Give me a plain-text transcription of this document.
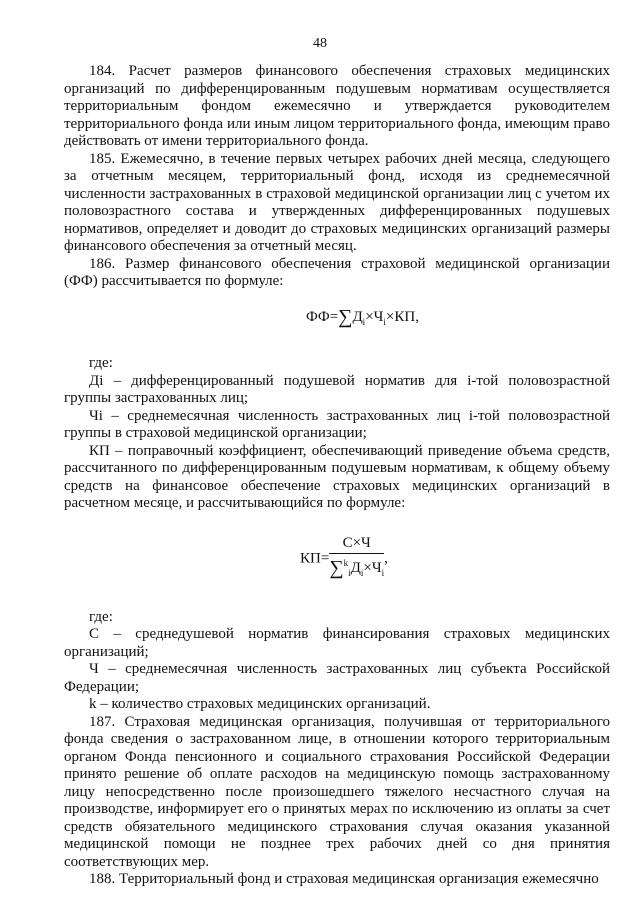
48

184. Расчет размеров финансового обеспечения страховых медицинских организаций по дифференцированным подушевым нормативам осуществляется территориальным фондом ежемесячно и утверждается руководителем территориального фонда или иным лицом территориального фонда, имеющим право действовать от имени территориального фонда.

185. Ежемесячно, в течение первых четырех рабочих дней месяца, следующего за отчетным месяцем, территориальный фонд, исходя из среднемесячной численности застрахованных в страховой медицинской организации лиц с учетом их половозрастного состава и утвержденных дифференцированных подушевых нормативов, определяет и доводит до страховых медицинских организаций размеры финансового обеспечения за отчетный месяц.

186. Размер финансового обеспечения страховой медицинской организации (ФФ) рассчитывается по формуле:

$ФФ=\sum Д_i\times Ч_i\times КП$,

где:

Дi – дифференцированный подушевой норматив для i-той половозрастной группы застрахованных лиц;

Чi – среднемесячная численность застрахованных лиц i-той половозрастной группы в страховой медицинской организации;

КП – поправочный коэффициент, обеспечивающий приведение объема средств, рассчитанного по дифференцированным подушевым нормативам, к общему объему средств на финансовое обеспечение страховых медицинских организаций в расчетном месяце, и рассчитывающийся по формуле:

$КП= \frac{С\times Ч}{\sum^k_iД_i\times Ч_i}$ ,

где:

С – среднедушевой норматив финансирования страховых медицинских организаций;

Ч – среднемесячная численность застрахованных лиц субъекта Российской Федерации;

k – количество страховых медицинских организаций.

187. Страховая медицинская организация, получившая от территориального фонда сведения о застрахованном лице, в отношении которого территориальным органом Фонда пенсионного и социального страхования Российской Федерации принято решение об оплате расходов на медицинскую помощь застрахованному лицу непосредственно после произошедшего тяжелого несчастного случая на производстве, информирует его о принятых мерах по исключению из оплаты за счет средств обязательного медицинского страхования случая оказания указанной медицинской помощи не позднее трех рабочих дней со дня принятия соответствующих мер.

188. Территориальный фонд и страховая медицинская организация ежемесячно
